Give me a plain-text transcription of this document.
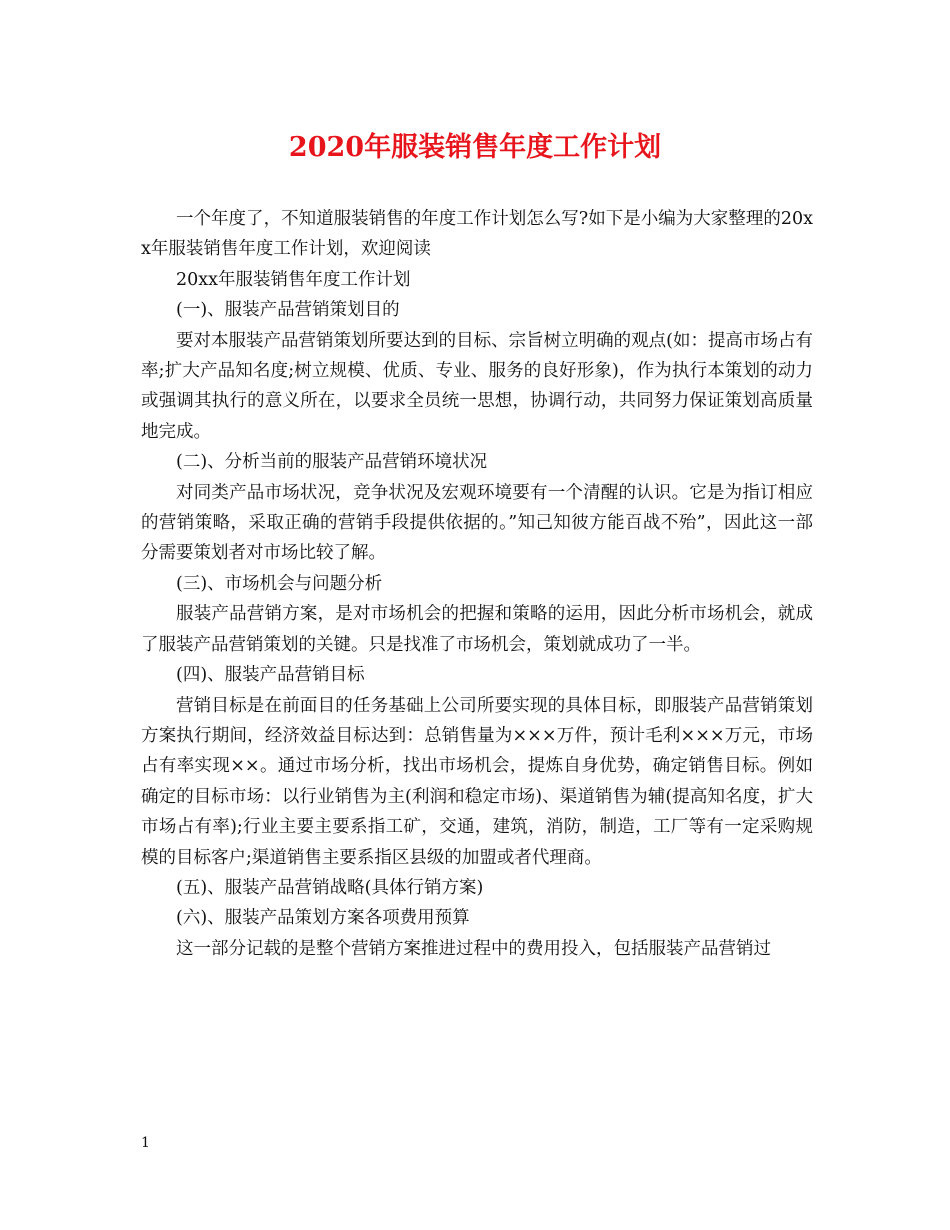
2020年服装销售年度工作计划

一个年度了，不知道服装销售的年度工作计划怎么写?如下是小编为大家整理的20xx年服装销售年度工作计划，欢迎阅读

20xx年服装销售年度工作计划

(一)、服装产品营销策划目的

要对本服装产品营销策划所要达到的目标、宗旨树立明确的观点(如：提高市场占有率;扩大产品知名度;树立规模、优质、专业、服务的良好形象)，作为执行本策划的动力或强调其执行的意义所在，以要求全员统一思想，协调行动，共同努力保证策划高质量地完成。

(二)、分析当前的服装产品营销环境状况

对同类产品市场状况，竞争状况及宏观环境要有一个清醒的认识。它是为指订相应的营销策略，采取正确的营销手段提供依据的。”知己知彼方能百战不殆”，因此这一部分需要策划者对市场比较了解。

(三)、市场机会与问题分析

服装产品营销方案，是对市场机会的把握和策略的运用，因此分析市场机会，就成了服装产品营销策划的关键。只是找准了市场机会，策划就成功了一半。

(四)、服装产品营销目标

营销目标是在前面目的任务基础上公司所要实现的具体目标，即服装产品营销策划方案执行期间，经济效益目标达到：总销售量为×××万件，预计毛利×××万元，市场占有率实现××。通过市场分析，找出市场机会，提炼自身优势，确定销售目标。例如确定的目标市场：以行业销售为主(利润和稳定市场)、渠道销售为辅(提高知名度，扩大市场占有率);行业主要主要系指工矿，交通，建筑，消防，制造，工厂等有一定采购规模的目标客户;渠道销售主要系指区县级的加盟或者代理商。

(五)、服装产品营销战略(具体行销方案)

(六)、服装产品策划方案各项费用预算

这一部分记载的是整个营销方案推进过程中的费用投入，包括服装产品营销过

1
